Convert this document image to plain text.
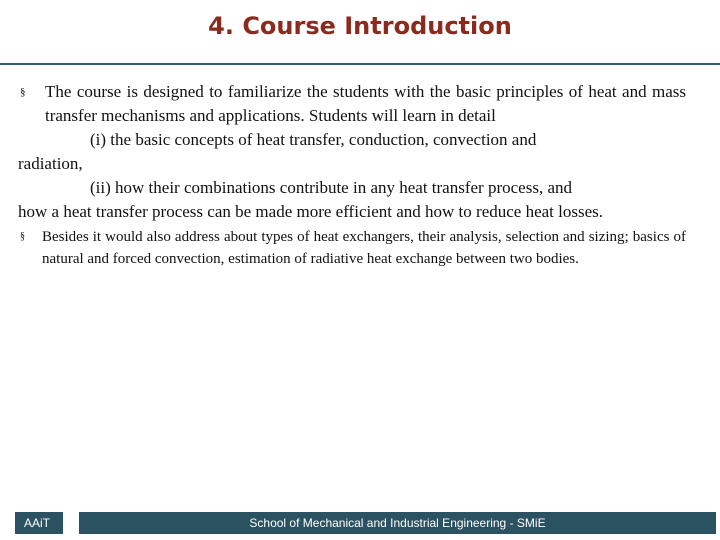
4. Course Introduction
§	The course is designed to familiarize the students with the basic principles of heat and mass transfer mechanisms and applications. Students will learn in detail
(i) the basic concepts of heat transfer, conduction, convection and
radiation,
(ii) how their combinations contribute in any heat transfer process, and
how a heat transfer process can be made more efficient and how to reduce heat losses.
§	Besides it would also address about types of heat exchangers, their analysis, selection and sizing; basics of natural and forced convection, estimation of radiative heat exchange between two bodies.
AAiT	School of Mechanical and Industrial Engineering - SMiE
